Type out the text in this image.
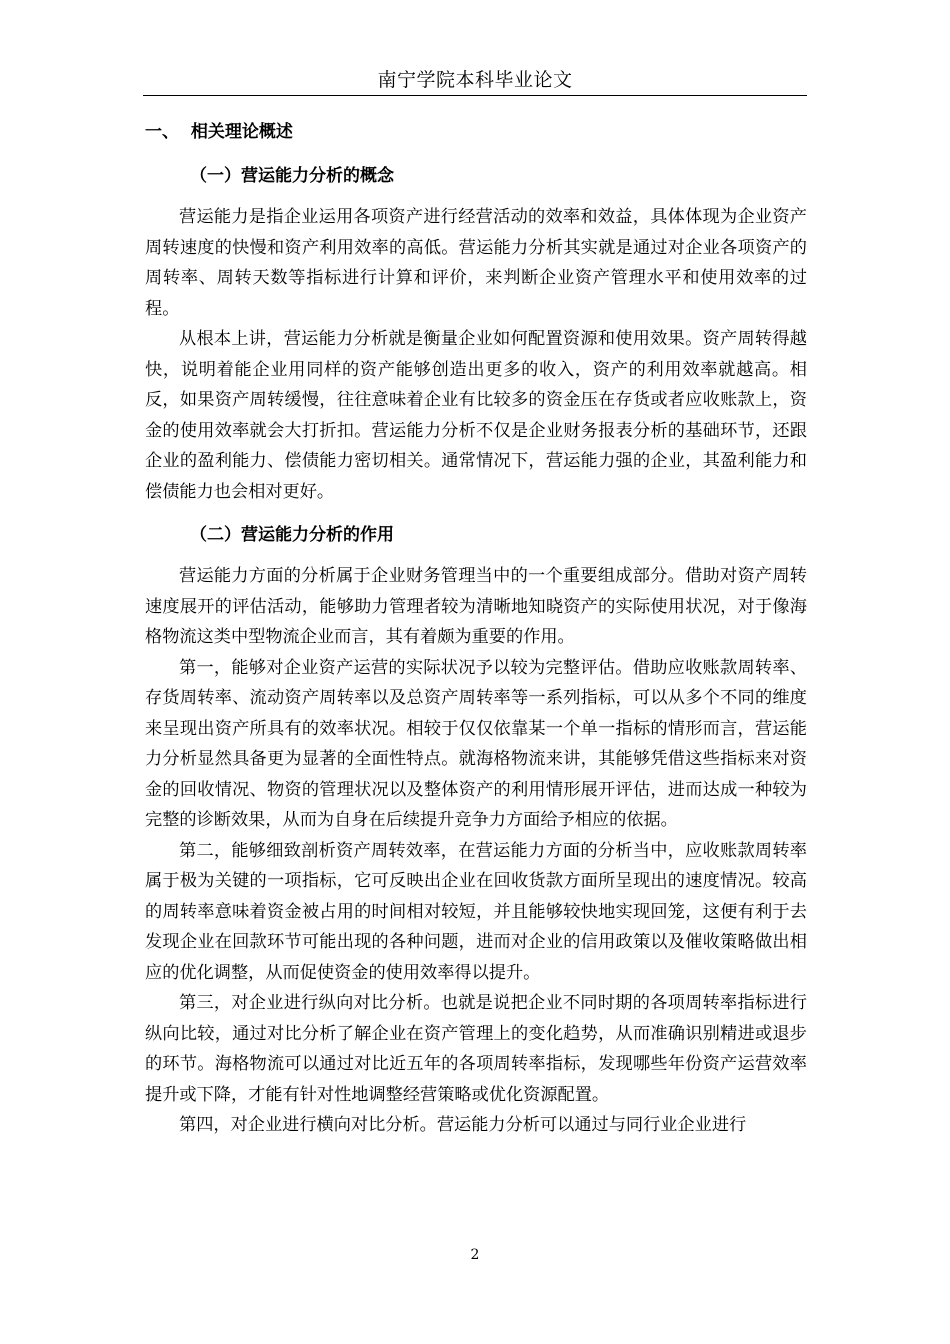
南宁学院本科毕业论文
一、  相关理论概述
（一）营运能力分析的概念

营运能力是指企业运用各项资产进行经营活动的效率和效益，具体体现为企业资产周转速度的快慢和资产利用效率的高低。营运能力分析其实就是通过对企业各项资产的周转率、周转天数等指标进行计算和评价，来判断企业资产管理水平和使用效率的过程。

从根本上讲，营运能力分析就是衡量企业如何配置资源和使用效果。资产周转得越快，说明着能企业用同样的资产能够创造出更多的收入，资产的利用效率就越高。相反，如果资产周转缓慢，往往意味着企业有比较多的资金压在存货或者应收账款上，资金的使用效率就会大打折扣。营运能力分析不仅是企业财务报表分析的基础环节，还跟企业的盈利能力、偿债能力密切相关。通常情况下，营运能力强的企业，其盈利能力和偿债能力也会相对更好。

（二）营运能力分析的作用

营运能力方面的分析属于企业财务管理当中的一个重要组成部分。借助对资产周转速度展开的评估活动，能够助力管理者较为清晰地知晓资产的实际使用状况，对于像海格物流这类中型物流企业而言，其有着颇为重要的作用。

第一，能够对企业资产运营的实际状况予以较为完整评估。借助应收账款周转率、存货周转率、流动资产周转率以及总资产周转率等一系列指标，可以从多个不同的维度来呈现出资产所具有的效率状况。相较于仅仅依靠某一个单一指标的情形而言，营运能力分析显然具备更为显著的全面性特点。就海格物流来讲，其能够凭借这些指标来对资金的回收情况、物资的管理状况以及整体资产的利用情形展开评估，进而达成一种较为完整的诊断效果，从而为自身在后续提升竞争力方面给予相应的依据。

第二，能够细致剖析资产周转效率，在营运能力方面的分析当中，应收账款周转率属于极为关键的一项指标，它可反映出企业在回收货款方面所呈现出的速度情况。较高的周转率意味着资金被占用的时间相对较短，并且能够较快地实现回笼，这便有利于去发现企业在回款环节可能出现的各种问题，进而对企业的信用政策以及催收策略做出相应的优化调整，从而促使资金的使用效率得以提升。

第三，对企业进行纵向对比分析。也就是说把企业不同时期的各项周转率指标进行纵向比较，通过对比分析了解企业在资产管理上的变化趋势，从而准确识别精进或退步的环节。海格物流可以通过对比近五年的各项周转率指标，发现哪些年份资产运营效率提升或下降，才能有针对性地调整经营策略或优化资源配置。

第四，对企业进行横向对比分析。营运能力分析可以通过与同行业企业进行

2
